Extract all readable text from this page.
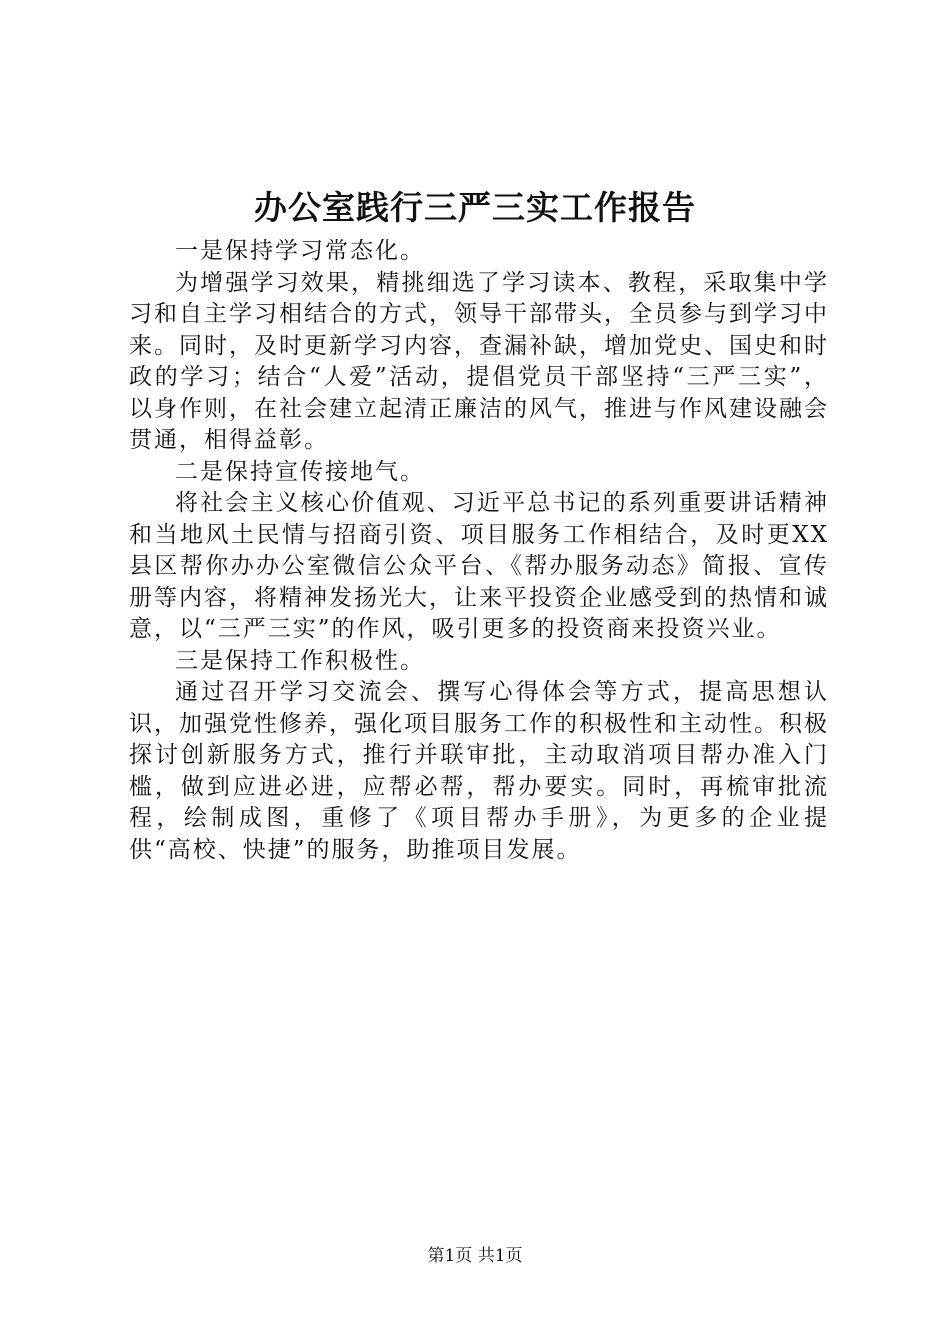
办公室践行三严三实工作报告

一是保持学习常态化。

为增强学习效果，精挑细选了学习读本、教程，采取集中学习和自主学习相结合的方式，领导干部带头，全员参与到学习中来。同时，及时更新学习内容，查漏补缺，增加党史、国史和时政的学习；结合“人爱”活动，提倡党员干部坚持“三严三实”，以身作则，在社会建立起清正廉洁的风气，推进与作风建设融会贯通，相得益彰。

二是保持宣传接地气。

将社会主义核心价值观、习近平总书记的系列重要讲话精神和当地风土民情与招商引资、项目服务工作相结合，及时更XX县区帮你办办公室微信公众平台、《帮办服务动态》简报、宣传册等内容，将精神发扬光大，让来平投资企业感受到的热情和诚意，以“三严三实”的作风，吸引更多的投资商来投资兴业。

三是保持工作积极性。

通过召开学习交流会、撰写心得体会等方式，提高思想认识，加强党性修养，强化项目服务工作的积极性和主动性。积极探讨创新服务方式，推行并联审批，主动取消项目帮办准入门槛，做到应进必进，应帮必帮，帮办要实。同时，再梳审批流程，绘制成图，重修了《项目帮办手册》，为更多的企业提供“高校、快捷”的服务，助推项目发展。

第1页 共1页
